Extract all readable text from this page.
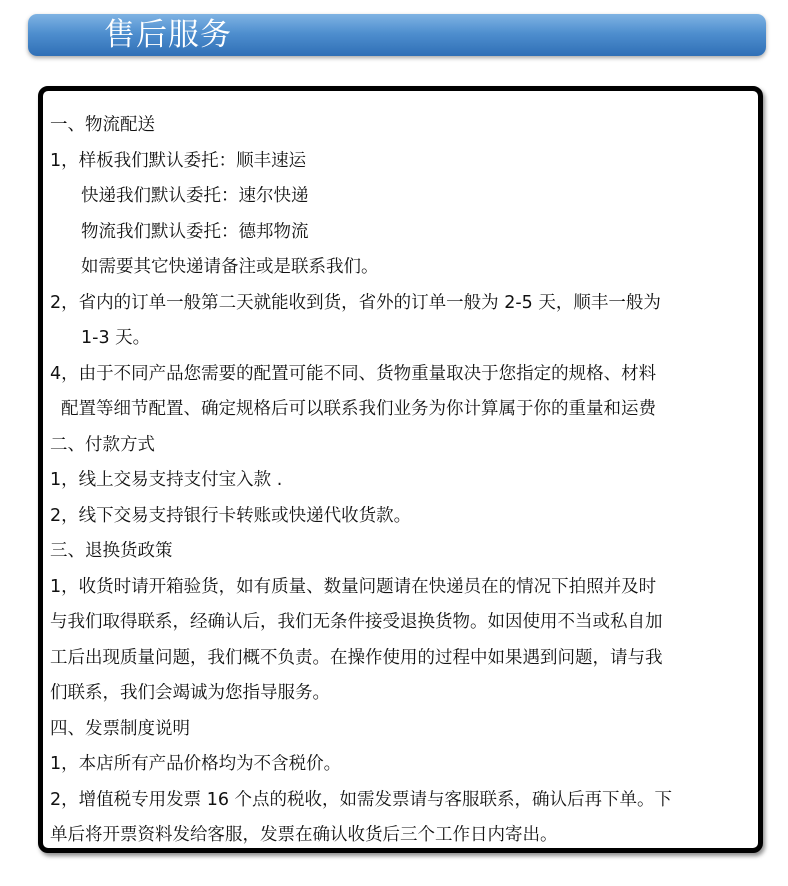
售后服务
一、物流配送
1，样板我们默认委托：顺丰速运
快递我们默认委托：速尔快递
物流我们默认委托：德邦物流
如需要其它快递请备注或是联系我们。
2，省内的订单一般第二天就能收到货，省外的订单一般为 2-5 天，顺丰一般为
1-3 天。
4，由于不同产品您需要的配置可能不同、货物重量取决于您指定的规格、材料
配置等细节配置、确定规格后可以联系我们业务为你计算属于你的重量和运费
二、付款方式
1，线上交易支持支付宝入款 .
2，线下交易支持银行卡转账或快递代收货款。
三、退换货政策
1，收货时请开箱验货，如有质量、数量问题请在快递员在的情况下拍照并及时
与我们取得联系，经确认后，我们无条件接受退换货物。如因使用不当或私自加
工后出现质量问题，我们概不负责。在操作使用的过程中如果遇到问题，请与我
们联系，我们会竭诚为您指导服务。
四、发票制度说明
1，本店所有产品价格均为不含税价。
2，增值税专用发票 16 个点的税收，如需发票请与客服联系，确认后再下单。下
单后将开票资料发给客服，发票在确认收货后三个工作日内寄出。
